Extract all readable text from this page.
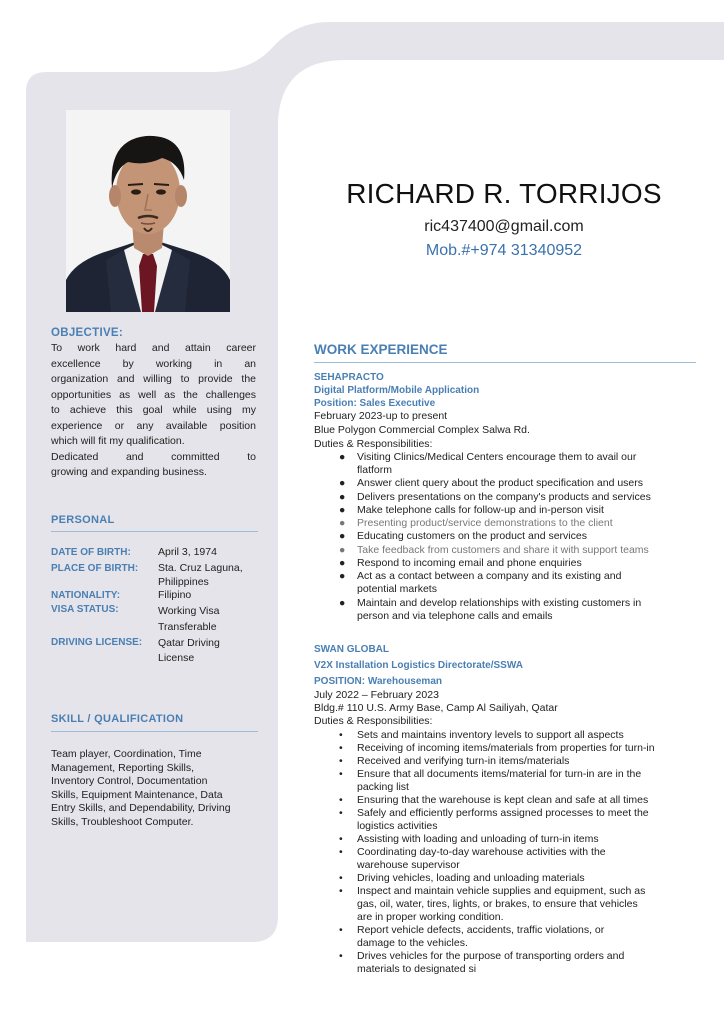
OBJECTIVE:
To work hard and attain career
excellence by working in an
organization and willing to provide the
opportunities as well as the challenges
to achieve this goal while using my
experience or any available position
which will fit my qualification.
Dedicated and committed to
growing and expanding business.
PERSONAL
DATE OF BIRTH:	April 3, 1974
PLACE OF BIRTH: Sta. Cruz Laguna,
Philippines
NATIONALITY:	Filipino
VISA STATUS:	Working Visa
Transferable
DRIVING LICENSE: Qatar Driving
License
SKILL / QUALIFICATION
Team player, Coordination, Time
Management, Reporting Skills,
Inventory Control, Documentation
Skills, Equipment Maintenance, Data
Entry Skills, and Dependability, Driving
Skills, Troubleshoot Computer.
RICHARD R. TORRIJOS
ric437400@gmail.com
Mob.#+974 31340952
WORK EXPERIENCE
SEHAPRACTO
Digital Platform/Mobile Application
Position: Sales Executive
February 2023-up to present
Blue Polygon Commercial Complex Salwa Rd.
Duties & Responsibilities:
● Visiting Clinics/Medical Centers encourage them to avail our
flatform
● Answer client query about the product specification and users
● Delivers presentations on the company's products and services
● Make telephone calls for follow-up and in-person visit
● Presenting product/service demonstrations to the client
● Educating customers on the product and services
● Take feedback from customers and share it with support teams
● Respond to incoming email and phone enquiries
● Act as a contact between a company and its existing and
potential markets
● Maintain and develop relationships with existing customers in
person and via telephone calls and emails
SWAN GLOBAL
V2X Installation Logistics Directorate/SSWA
POSITION: Warehouseman
July 2022 – February 2023
Bldg.# 110 U.S. Army Base, Camp Al Sailiyah, Qatar
Duties & Responsibilities:
• Sets and maintains inventory levels to support all aspects
• Receiving of incoming items/materials from properties for turn-in
• Received and verifying turn-in items/materials
• Ensure that all documents items/material for turn-in are in the
packing list
• Ensuring that the warehouse is kept clean and safe at all times
• Safely and efficiently performs assigned processes to meet the
logistics activities
• Assisting with loading and unloading of turn-in items
• Coordinating day-to-day warehouse activities with the
warehouse supervisor
• Driving vehicles, loading and unloading materials
• Inspect and maintain vehicle supplies and equipment, such as
gas, oil, water, tires, lights, or brakes, to ensure that vehicles
are in proper working condition.
• Report vehicle defects, accidents, traffic violations, or
damage to the vehicles.
• Drives vehicles for the purpose of transporting orders and
materials to designated si
